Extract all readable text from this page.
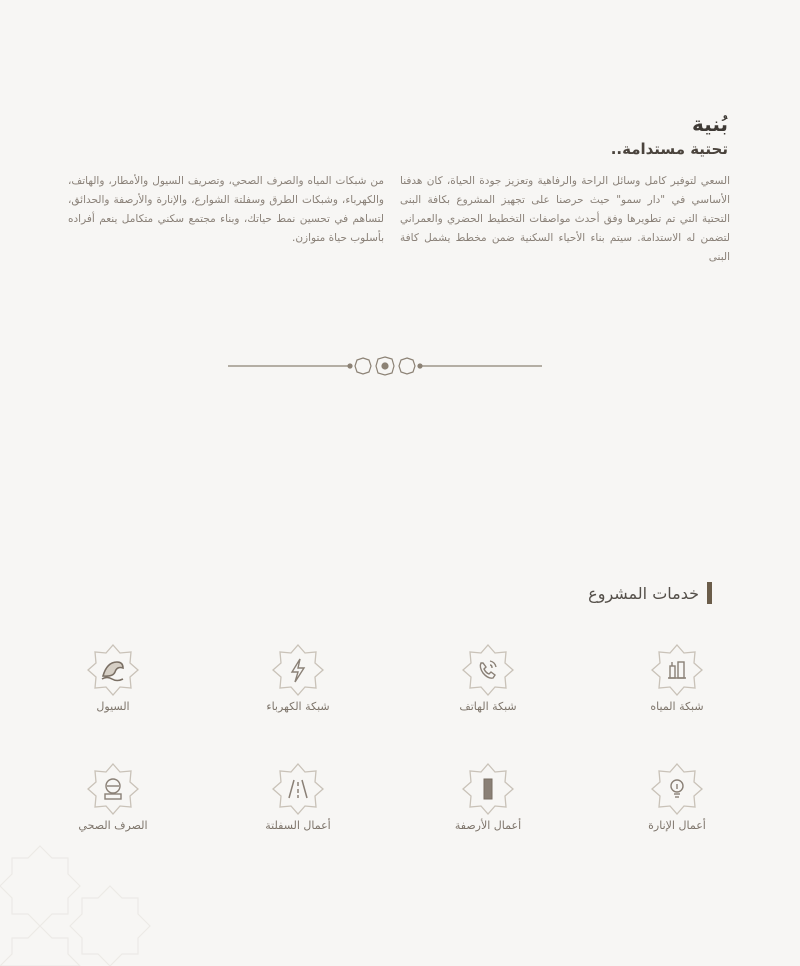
بُنية
تحتية مستدامة..

السعي لتوفير كامل وسائل الراحة والرفاهية وتعزيز جودة الحياة، كان هدفنا الأساسي في "دار سمو" حيث حرصنا على تجهيز المشروع بكافة البنى التحتية التي تم تطويرها وفق أحدث مواصفات التخطيط الحضري والعمراني لتضمن له الاستدامة. سيتم بناء الأحياء السكنية ضمن مخطط يشمل كافة البنى

من شبكات المياه والصرف الصحي، وتصريف السيول والأمطار، والهاتف، والكهرباء، وشبكات الطرق وسفلتة الشوارع، والإنارة والأرصفة والحدائق، لتساهم في تحسين نمط حياتك، وبناء مجتمع سكني متكامل ينعم أفراده بأسلوب حياة متوازن.

خدمات المشروع
شبكة المياه
شبكة الهاتف
شبكة الكهرباء
السيول
أعمال الإنارة
أعمال الأرصفة
أعمال السفلتة
الصرف الصحي
